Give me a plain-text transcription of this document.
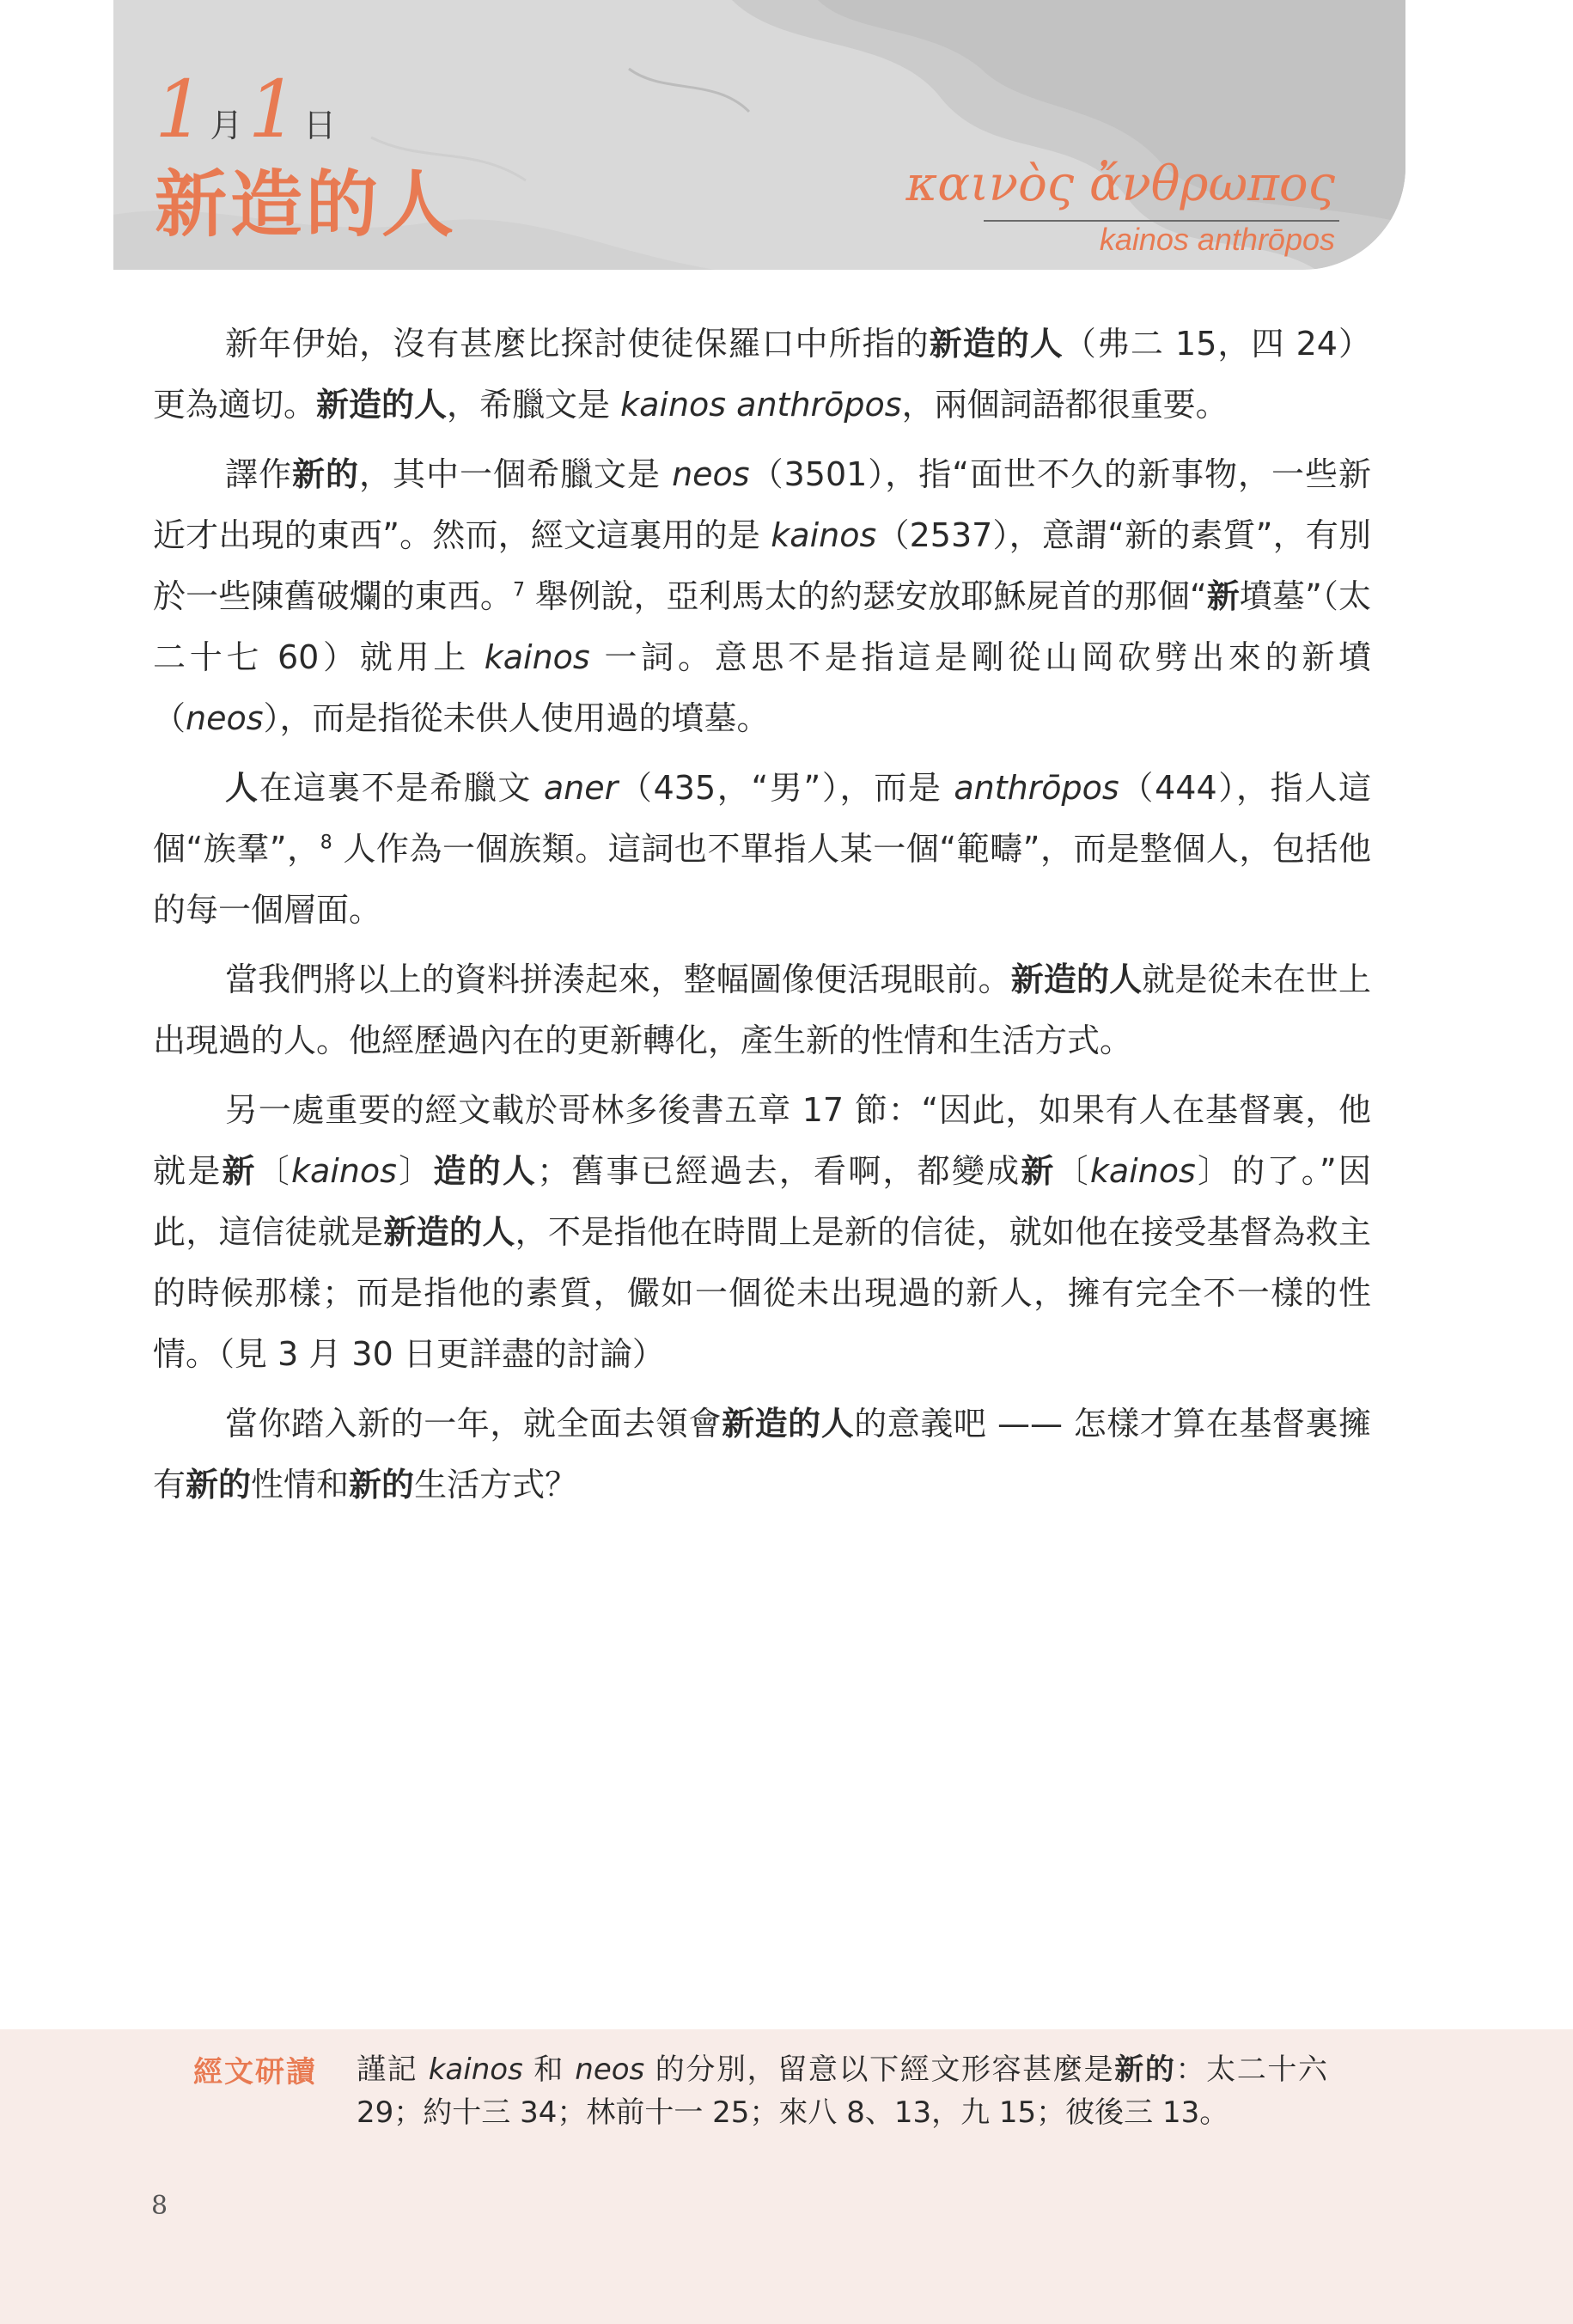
1 月1 日
新造的人	καινὸς ἄνθρωπος
kainos anthrōpos

新年伊始，沒有甚麼比探討使徒保羅口中所指的新造的人（弗二 15，四 24）更為適切。新造的人，希臘文是 kainos anthrōpos，兩個詞語都很重要。

譯作新的，其中一個希臘文是 neos（3501），指“面世不久的新事物，一些新近才出現的東西”。然而，經文這裏用的是 kainos（2537），意謂“新的素質”，有別於一些陳舊破爛的東西。$^7$ 舉例說，亞利馬太的約瑟安放耶穌屍首的那個“新墳墓”（太二十七 60）就用上 kainos 一詞。意思不是指這是剛從山岡砍劈出來的新墳（neos），而是指從未供人使用過的墳墓。

人在這裏不是希臘文 aner（435，“男”），而是 anthrōpos（444），指人這個“族羣”，$^8$ 人作為一個族類。這詞也不單指人某一個“範疇”，而是整個人，包括他的每一個層面。

當我們將以上的資料拼湊起來，整幅圖像便活現眼前。新造的人就是從未在世上出現過的人。他經歷過內在的更新轉化，產生新的性情和生活方式。

另一處重要的經文載於哥林多後書五章 17 節：“因此，如果有人在基督裏，他就是新〔kainos〕造的人；舊事已經過去，看啊，都變成新〔kainos〕的了。”因此，這信徒就是新造的人，不是指他在時間上是新的信徒，就如他在接受基督為救主的時候那樣；而是指他的素質，儼如一個從未出現過的新人，擁有完全不一樣的性情。（見 3 月 30 日更詳盡的討論）

當你踏入新的一年，就全面去領會新造的人的意義吧 —— 怎樣才算在基督裏擁有新的性情和新的生活方式？

經文研讀 謹記 kainos 和 neos 的分別，留意以下經文形容甚麼是新的：太二十六 29；約十三 34；林前十一 25；來八 8、13，九 15；彼後三 13。
8
